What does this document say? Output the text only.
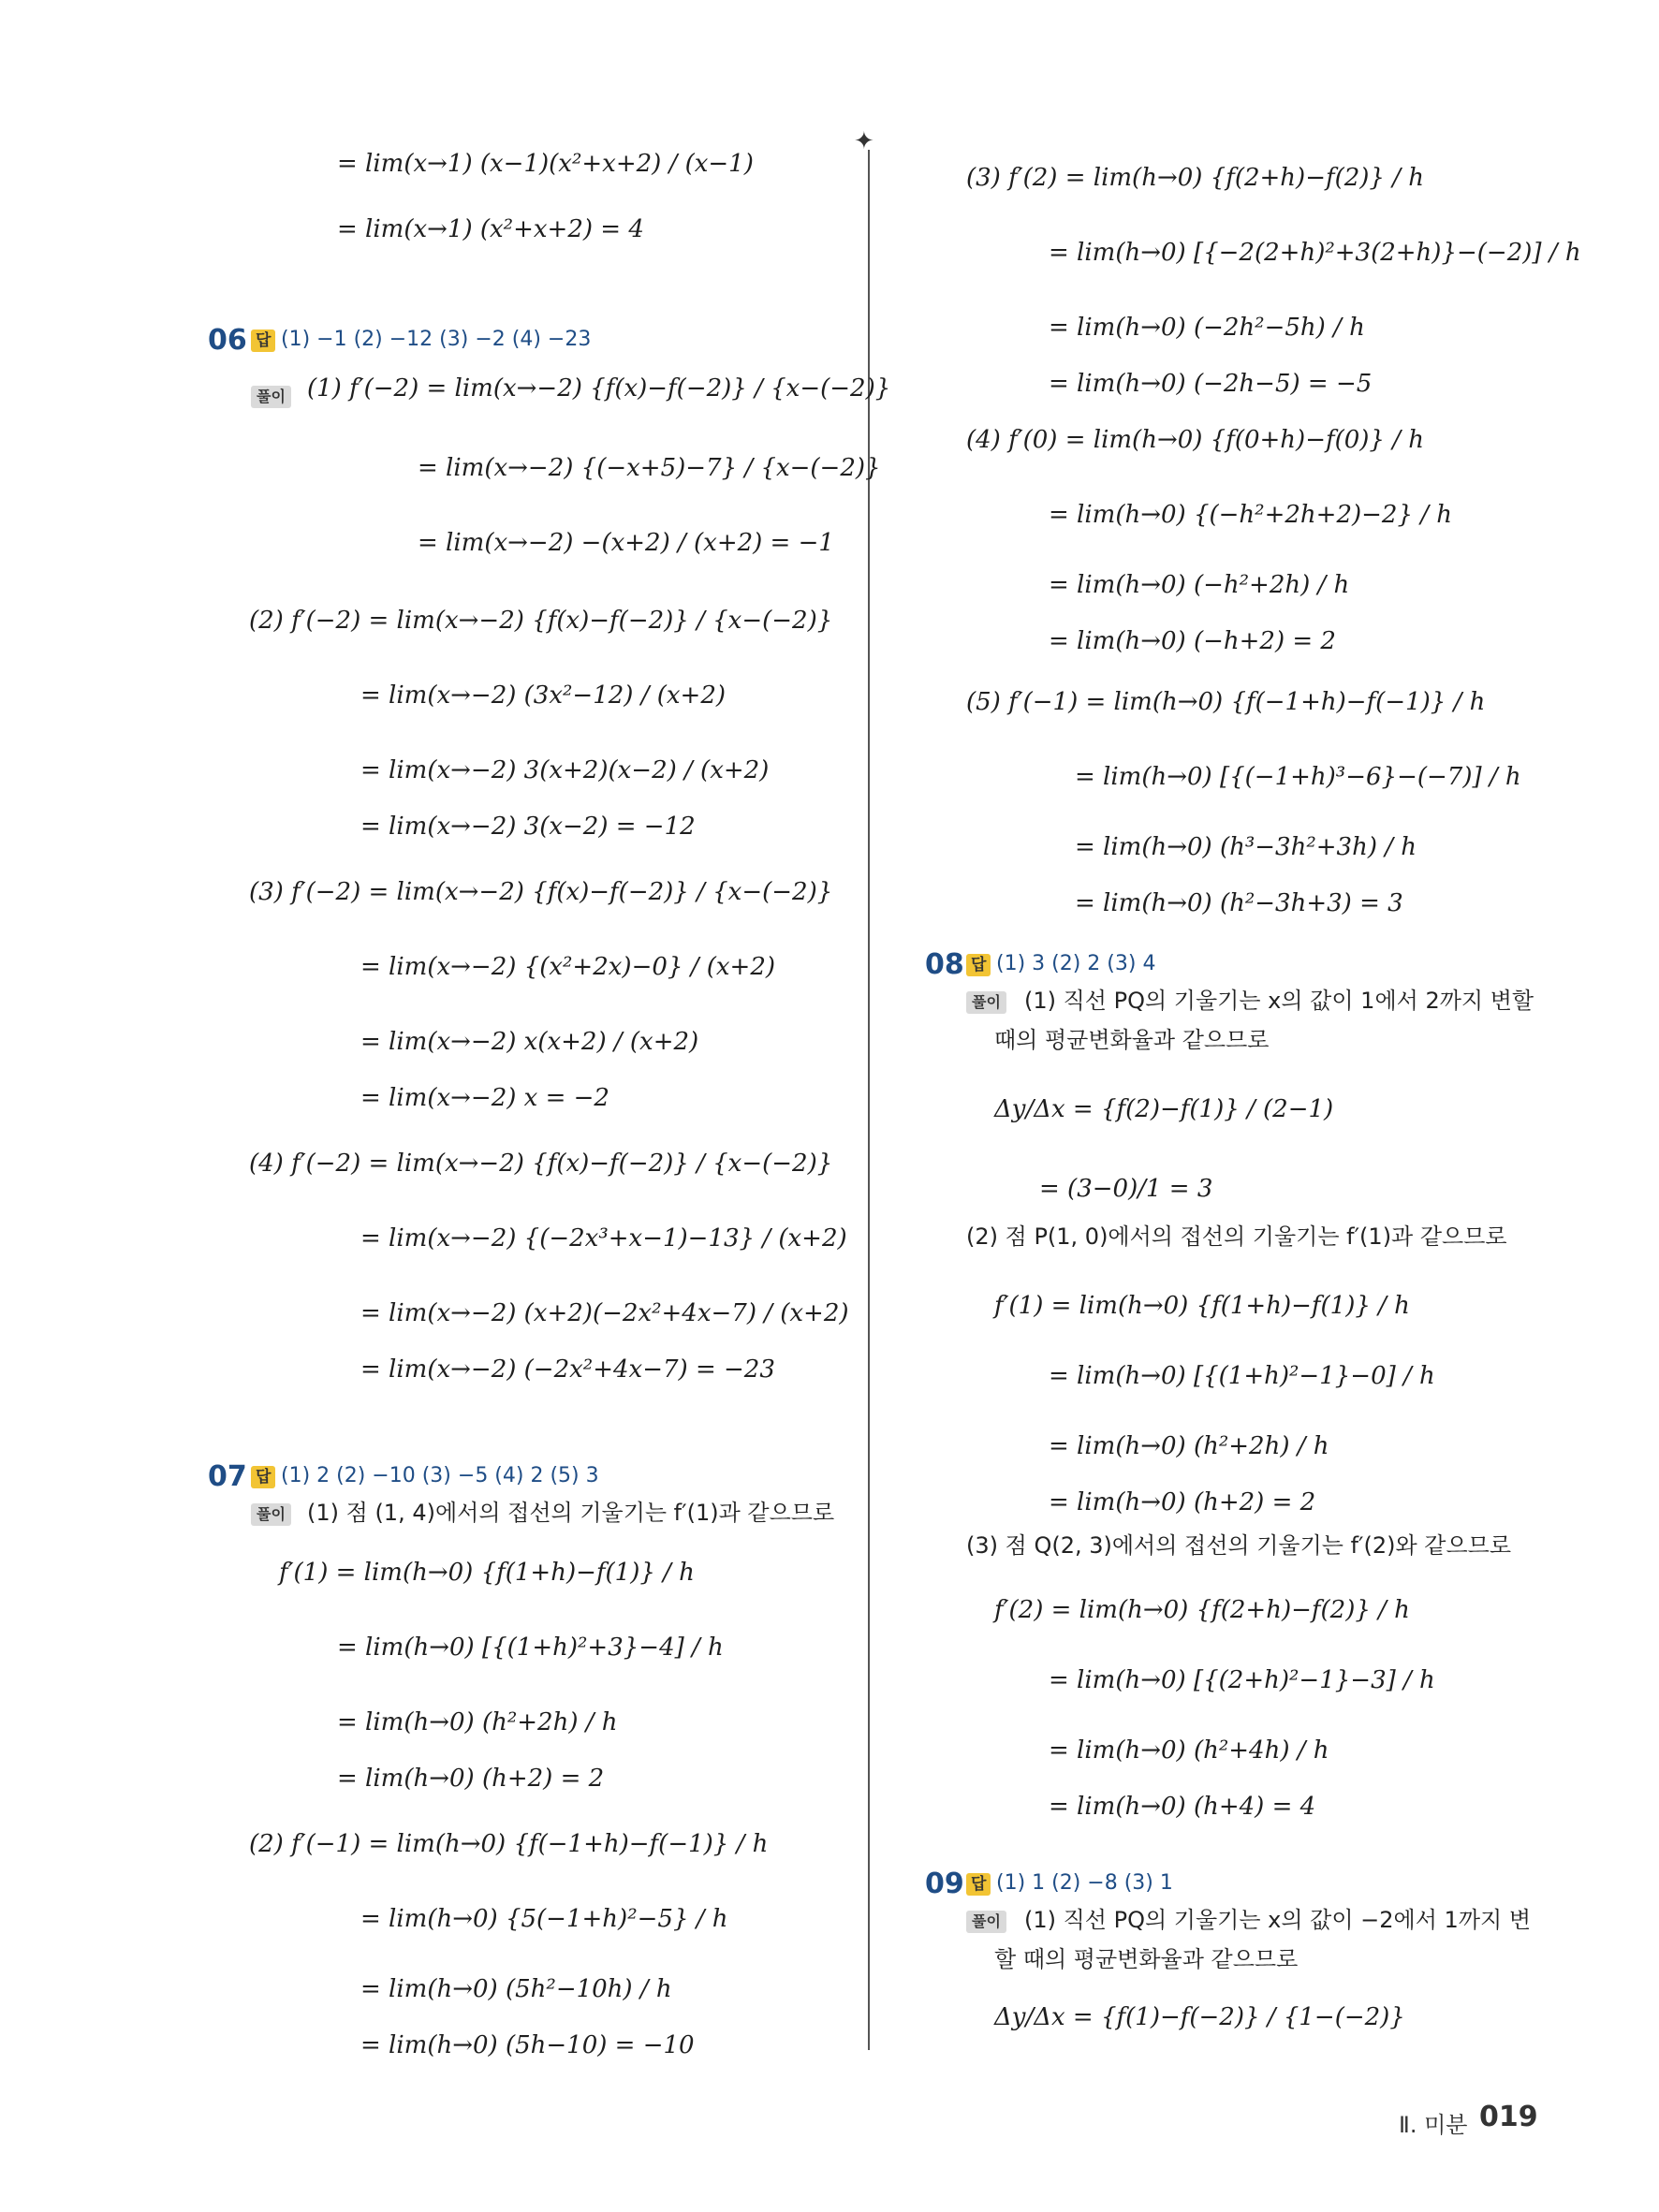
✦
= lim(x→1) (x−1)(x²+x+2) / (x−1)
= lim(x→1) (x²+x+2) = 4
(1) f′(−2) = lim(x→−2) {f(x)−f(−2)} / {x−(−2)}
= lim(x→−2) {(−x+5)−7} / {x−(−2)}
= lim(x→−2) −(x+2) / (x+2) = −1
(2) f′(−2) = lim(x→−2) {f(x)−f(−2)} / {x−(−2)}
= lim(x→−2) (3x²−12) / (x+2)
= lim(x→−2) 3(x+2)(x−2) / (x+2)
= lim(x→−2) 3(x−2) = −12
(3) f′(−2) = lim(x→−2) {f(x)−f(−2)} / {x−(−2)}
= lim(x→−2) {(x²+2x)−0} / (x+2)
= lim(x→−2) x(x+2) / (x+2)
= lim(x→−2) x = −2
(4) f′(−2) = lim(x→−2) {f(x)−f(−2)} / {x−(−2)}
= lim(x→−2) {(−2x³+x−1)−13} / (x+2)
= lim(x→−2) (x+2)(−2x²+4x−7) / (x+2)
= lim(x→−2) (−2x²+4x−7) = −23
f′(1) = lim(h→0) {f(1+h)−f(1)} / h
= lim(h→0) [{(1+h)²+3}−4] / h
= lim(h→0) (h²+2h) / h
= lim(h→0) (h+2) = 2
(2) f′(−1) = lim(h→0) {f(−1+h)−f(−1)} / h
= lim(h→0) {5(−1+h)²−5} / h
= lim(h→0) (5h²−10h) / h
= lim(h→0) (5h−10) = −10
(3) f′(2) = lim(h→0) {f(2+h)−f(2)} / h
= lim(h→0) [{−2(2+h)²+3(2+h)}−(−2)] / h
= lim(h→0) (−2h²−5h) / h
= lim(h→0) (−2h−5) = −5
(4) f′(0) = lim(h→0) {f(0+h)−f(0)} / h
= lim(h→0) {(−h²+2h+2)−2} / h
= lim(h→0) (−h²+2h) / h
= lim(h→0) (−h+2) = 2
(5) f′(−1) = lim(h→0) {f(−1+h)−f(−1)} / h
= lim(h→0) [{(−1+h)³−6}−(−7)] / h
= lim(h→0) (h³−3h²+3h) / h
= lim(h→0) (h²−3h+3) = 3
Δy/Δx = {f(2)−f(1)} / (2−1)
= (3−0)/1 = 3
f′(1) = lim(h→0) {f(1+h)−f(1)} / h
= lim(h→0) [{(1+h)²−1}−0] / h
= lim(h→0) (h²+2h) / h
= lim(h→0) (h+2) = 2
f′(2) = lim(h→0) {f(2+h)−f(2)} / h
= lim(h→0) [{(2+h)²−1}−3] / h
= lim(h→0) (h²+4h) / h
= lim(h→0) (h+4) = 4
Δy/Δx = {f(1)−f(−2)} / {1−(−2)}
06 답 (1) −1 (2) −12 (3) −2 (4) −23
풀이
07 답 (1) 2 (2) −10 (3) −5 (4) 2 (5) 3
풀이 (1) 점 (1, 4)에서의 접선의 기울기는 f′(1)과 같으므로
08 답 (1) 3 (2) 2 (3) 4
풀이 (1) 직선 PQ의 기울기는 x의 값이 1에서 2까지 변할
때의 평균변화율과 같으므로
(2) 점 P(1, 0)에서의 접선의 기울기는 f′(1)과 같으므로
(3) 점 Q(2, 3)에서의 접선의 기울기는 f′(2)와 같으므로
09 답 (1) 1 (2) −8 (3) 1
풀이 (1) 직선 PQ의 기울기는 x의 값이 −2에서 1까지 변
할 때의 평균변화율과 같으므로
Ⅱ. 미분 019
